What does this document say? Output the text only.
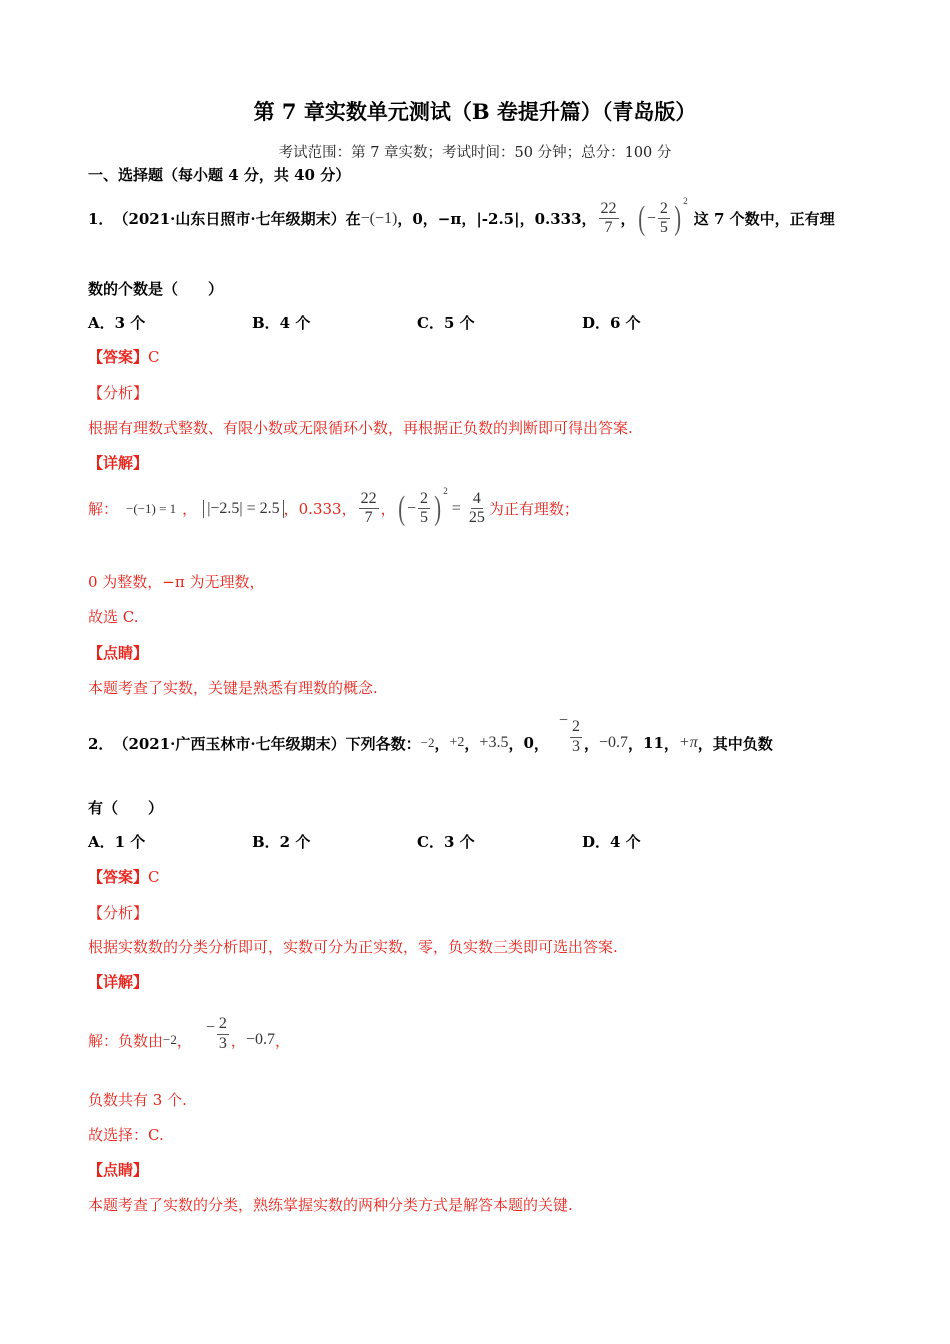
第 7 章实数单元测试（B 卷提升篇）（青岛版）
考试范围：第 7 章实数；考试时间：50 分钟；总分：100 分
一、选择题（每小题 4 分，共 40 分）
1． （2021·山东日照市·七年级期末）在 −(−1) ，0，−π，|-2.5|，0.333， $\frac{22}{7}$ ， ( − $\frac{2}{5}$ ) 2
这 7 个数中，正有理
数的个数是（　　）
A．3 个	B．4 个	C．5 个	D．6 个
【答案】C
【分析】
根据有理数式整数、有限小数或无限循环小数，再根据正负数的判断即可得出答案.
【详解】
解： −(−1) = 1 ， |−2.5| = 2.5 ，0.333， $\frac{22}{7}$ ， ( − $\frac{2}{5}$ ) 2
= $\frac{4}{25}$ 为正有理数；
0 为整数，−π 为无理数，
故选 C.
【点睛】
本题考查了实数，关键是熟悉有理数的概念.
2． （2021·广西玉林市·七年级期末）下列各数： −2 ， +2 ， +3.5 ， 0 ，
− $\frac{2}{3}$ ， −0.7 ， 11 ， +π ，其中负数
有（　　）
A．1 个	B．2 个	C．3 个	D．4 个
【答案】C
【分析】
根据实数数的分类分析即可，实数可分为正实数，零，负实数三类即可选出答案.
【详解】
解：负数由 −2 ，
− $\frac{2}{3}$ ， −0.7 ，
负数共有 3 个.
故选择：C.
【点睛】
本题考查了实数的分类，熟练掌握实数的两种分类方式是解答本题的关键.
